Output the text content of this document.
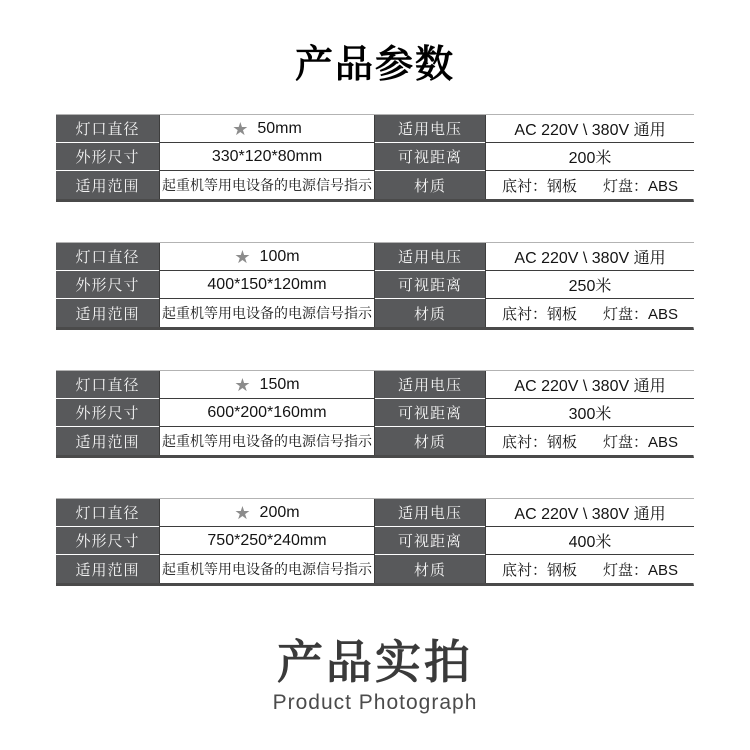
产品参数
灯口直径	★ 50mm	适用电压	AC 220V \ 380V 通用
外形尺寸	330*120*80mm	可视距离	200米
适用范围	起重机等用电设备的电源信号指示	材质	底衬：钢板 灯盘：ABS
灯口直径	★ 100m	适用电压	AC 220V \ 380V 通用
外形尺寸	400*150*120mm	可视距离	250米
适用范围	起重机等用电设备的电源信号指示	材质	底衬：钢板 灯盘：ABS
灯口直径	★ 150m	适用电压	AC 220V \ 380V 通用
外形尺寸	600*200*160mm	可视距离	300米
适用范围	起重机等用电设备的电源信号指示	材质	底衬：钢板 灯盘：ABS
灯口直径	★ 200m	适用电压	AC 220V \ 380V 通用
外形尺寸	750*250*240mm	可视距离	400米
适用范围	起重机等用电设备的电源信号指示	材质	底衬：钢板 灯盘：ABS
产品实拍
Product Photograph
